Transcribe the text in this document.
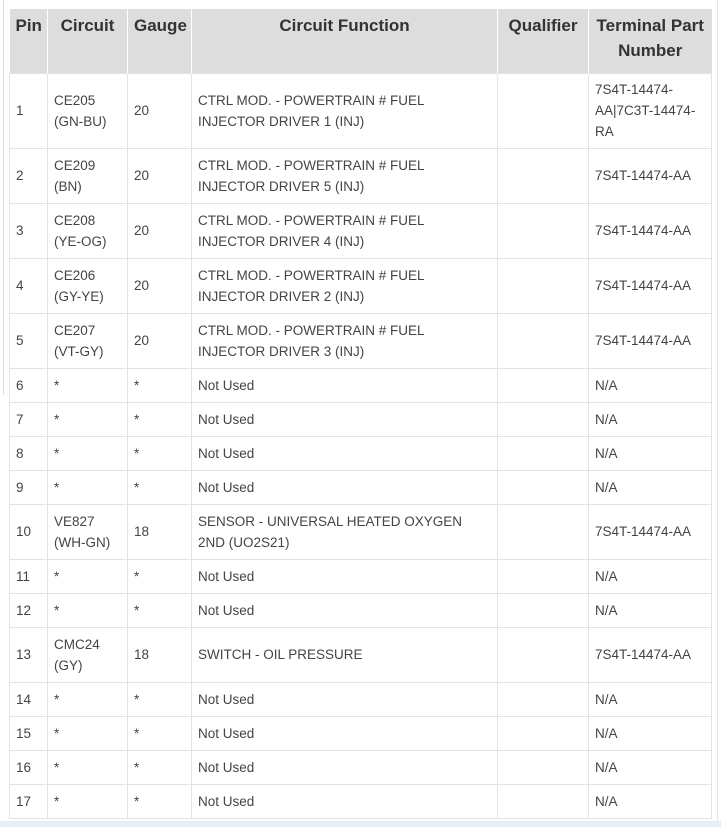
Pin	Circuit	Gauge	Circuit Function	Qualifier	Terminal Part Number
1	CE205 (GN-BU)	20	CTRL MOD. - POWERTRAIN # FUEL INJECTOR DRIVER 1 (INJ)		7S4T-14474-AA|7C3T-14474-RA
2	CE209 (BN)	20	CTRL MOD. - POWERTRAIN # FUEL INJECTOR DRIVER 5 (INJ)		7S4T-14474-AA
3	CE208 (YE-OG)	20	CTRL MOD. - POWERTRAIN # FUEL INJECTOR DRIVER 4 (INJ)		7S4T-14474-AA
4	CE206 (GY-YE)	20	CTRL MOD. - POWERTRAIN # FUEL INJECTOR DRIVER 2 (INJ)		7S4T-14474-AA
5	CE207 (VT-GY)	20	CTRL MOD. - POWERTRAIN # FUEL INJECTOR DRIVER 3 (INJ)		7S4T-14474-AA
6	*	*	Not Used		N/A
7	*	*	Not Used		N/A
8	*	*	Not Used		N/A
9	*	*	Not Used		N/A
10	VE827 (WH-GN)	18	SENSOR - UNIVERSAL HEATED OXYGEN 2ND (UO2S21)		7S4T-14474-AA
11	*	*	Not Used		N/A
12	*	*	Not Used		N/A
13	CMC24 (GY)	18	SWITCH - OIL PRESSURE		7S4T-14474-AA
14	*	*	Not Used		N/A
15	*	*	Not Used		N/A
16	*	*	Not Used		N/A
17	*	*	Not Used		N/A
